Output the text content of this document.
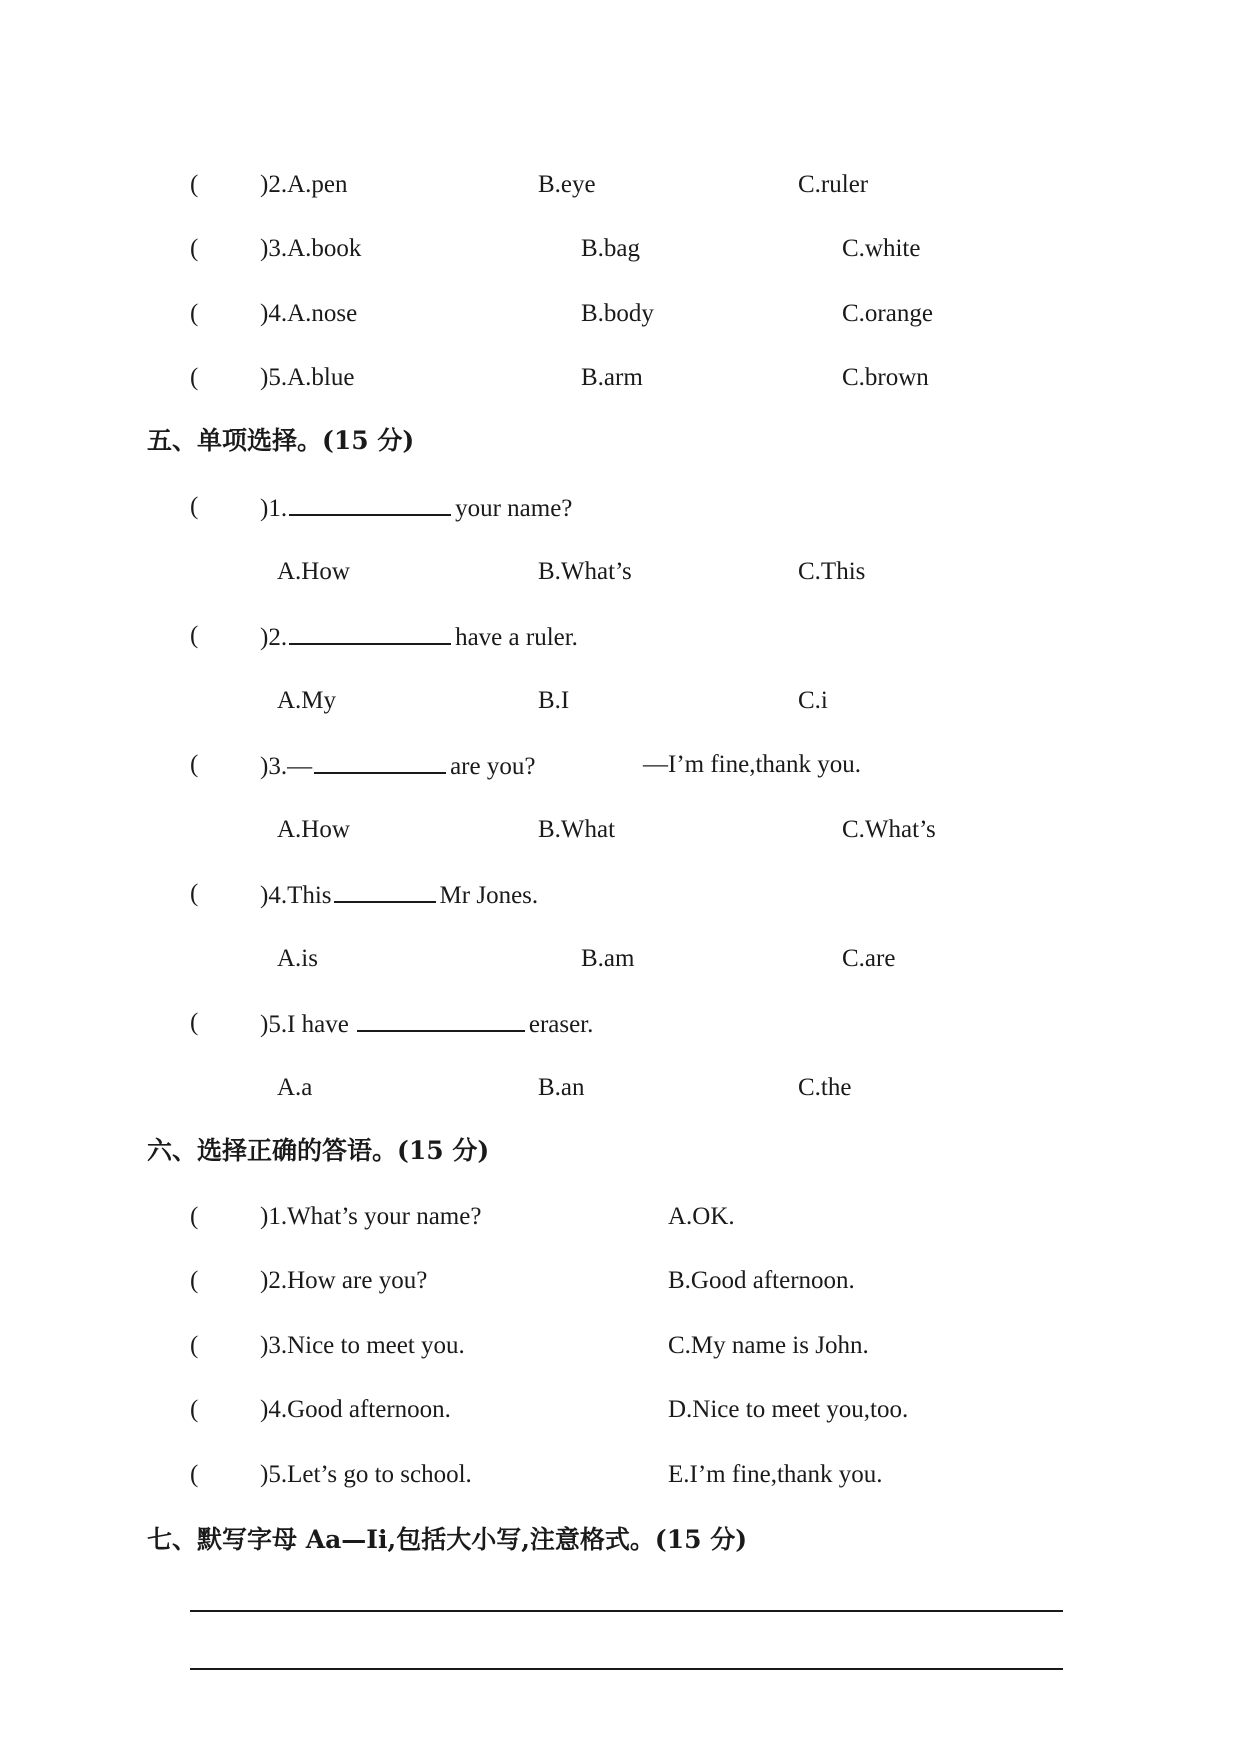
( )2.A.pen	B.eye	C.ruler
( )3.A.book	B.bag	C.white
( )4.A.nose	B.body	C.orange
( )5.A.blue	B.arm	C.brown
五、单项选择。(15 分)
( )1.	your name?
A.How	B.What’s	C.This
( )2.	have a ruler.
A.My	B.I	C.i
( )3.—	are you?	—I’m fine,thank you.
A.How	B.What	C.What’s
( )4.This	Mr Jones.
A.is	B.am	C.are
( )5.I have	eraser.
A.a	B.an	C.the
六、选择正确的答语。(15 分)
( )1.What’s your name?	A.OK.
( )2.How are you?	B.Good afternoon.
( )3.Nice to meet you.	C.My name is John.
( )4.Good afternoon.	D.Nice to meet you,too.
( )5.Let’s go to school.	E.I’m fine,thank you.
七、默写字母 Aa—Ii,包括大小写,注意格式。(15 分)
